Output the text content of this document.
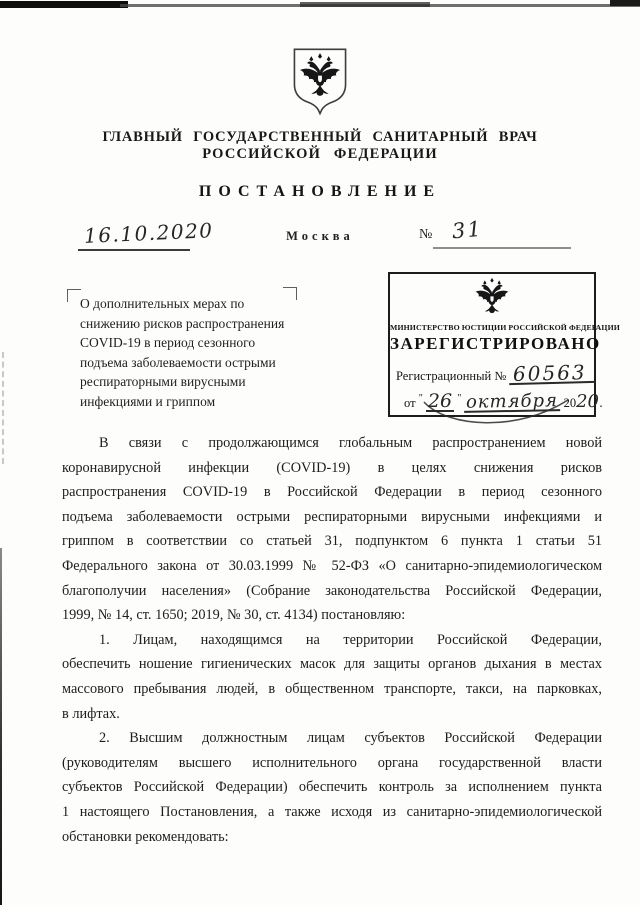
ГЛАВНЫЙ ГОСУДАРСТВЕННЫЙ САНИТАРНЫЙ ВРАЧ
РОССИЙСКОЙ ФЕДЕРАЦИИ
ПОСТАНОВЛЕНИЕ
16.10.2020	Москва	№ 31
О дополнительных мерах по
снижению рисков распространения
COVID-19 в период сезонного
подъема заболеваемости острыми
респираторными вирусными
инфекциями и гриппом
МИНИСТЕРСТВО ЮСТИЦИИ РОССИЙСКОЙ ФЕДЕРАЦИИ
ЗАРЕГИСТРИРОВАНО
Регистрационный № 60563
от " 26 " октября 2020.
В связи с продолжающимся глобальным распространением новой
коронавирусной инфекции (COVID-19) в целях снижения рисков
распространения COVID-19 в Российской Федерации в период сезонного
подъема заболеваемости острыми респираторными вирусными инфекциями и
гриппом в соответствии со статьей 31, подпунктом 6 пункта 1 статьи 51
Федерального закона от 30.03.1999 № 52-ФЗ «О санитарно-эпидемиологическом
благополучии населения» (Собрание законодательства Российской Федерации,
1999, № 14, ст. 1650; 2019, № 30, ст. 4134) постановляю:
1. Лицам, находящимся на территории Российской Федерации,
обеспечить ношение гигиенических масок для защиты органов дыхания в местах
массового пребывания людей, в общественном транспорте, такси, на парковках,
в лифтах.
2. Высшим должностным лицам субъектов Российской Федерации
(руководителям высшего исполнительного органа государственной власти
субъектов Российской Федерации) обеспечить контроль за исполнением пункта
1 настоящего Постановления, а также исходя из санитарно-эпидемиологической
обстановки рекомендовать:
